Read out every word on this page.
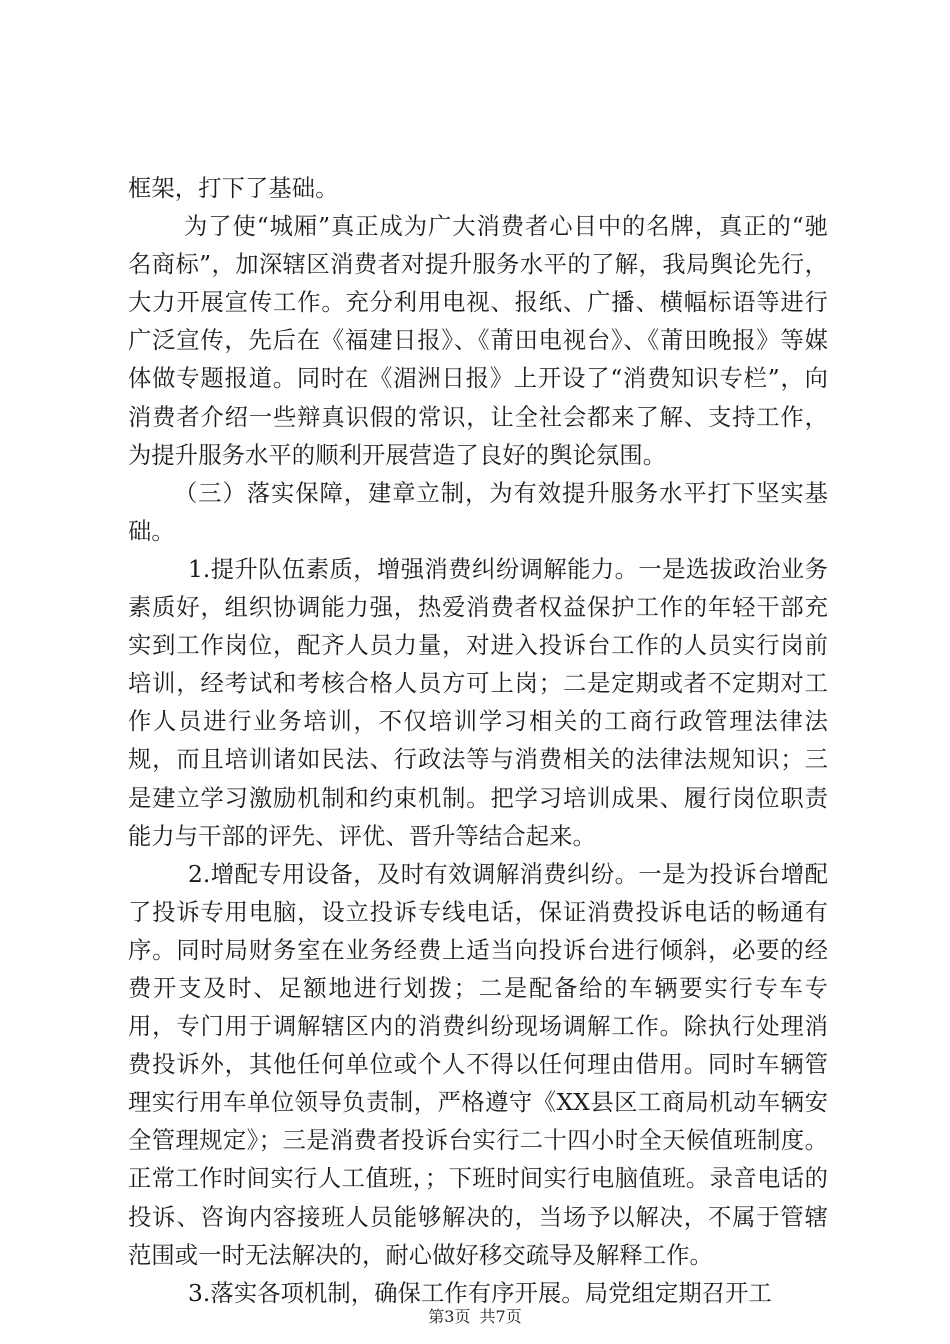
框架，打下了基础。

为了使“城厢”真正成为广大消费者心目中的名牌，真正的“驰名商标”，加深辖区消费者对提升服务水平的了解，我局舆论先行，大力开展宣传工作。充分利用电视、报纸、广播、横幅标语等进行广泛宣传，先后在《福建日报》、《莆田电视台》、《莆田晚报》等媒体做专题报道。同时在《湄洲日报》上开设了“消费知识专栏”，向消费者介绍一些辩真识假的常识，让全社会都来了解、支持工作，为提升服务水平的顺利开展营造了良好的舆论氛围。

（三）落实保障，建章立制，为有效提升服务水平打下坚实基础。

1.提升队伍素质，增强消费纠纷调解能力。一是选拔政治业务素质好，组织协调能力强，热爱消费者权益保护工作的年轻干部充实到工作岗位，配齐人员力量，对进入投诉台工作的人员实行岗前培训，经考试和考核合格人员方可上岗；二是定期或者不定期对工作人员进行业务培训，不仅培训学习相关的工商行政管理法律法规，而且培训诸如民法、行政法等与消费相关的法律法规知识；三是建立学习激励机制和约束机制。把学习培训成果、履行岗位职责能力与干部的评先、评优、晋升等结合起来。

2.增配专用设备，及时有效调解消费纠纷。一是为投诉台增配了投诉专用电脑，设立投诉专线电话，保证消费投诉电话的畅通有序。同时局财务室在业务经费上适当向投诉台进行倾斜，必要的经费开支及时、足额地进行划拨；二是配备给的车辆要实行专车专用，专门用于调解辖区内的消费纠纷现场调解工作。除执行处理消费投诉外，其他任何单位或个人不得以任何理由借用。同时车辆管理实行用车单位领导负责制，严格遵守《XX县区工商局机动车辆安全管理规定》；三是消费者投诉台实行二十四小时全天候值班制度。正常工作时间实行人工值班，；下班时间实行电脑值班。录音电话的投诉、咨询内容接班人员能够解决的，当场予以解决，不属于管辖范围或一时无法解决的，耐心做好移交疏导及解释工作。

3.落实各项机制，确保工作有序开展。局党组定期召开工

第3页 共7页
